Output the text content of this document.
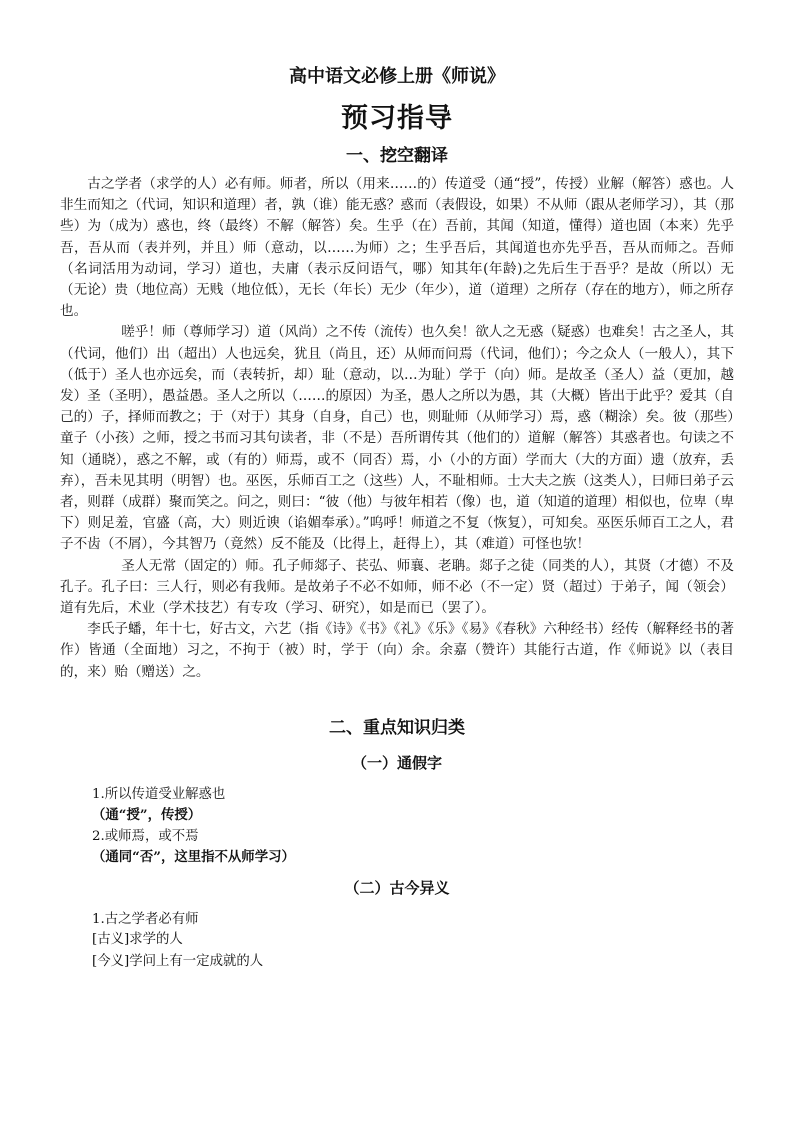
高中语文必修上册《师说》
预习指导
一、挖空翻译

古之学者（求学的人）必有师。师者，所以（用来……的）传道受（通“授”，传授）业解（解答）惑也。人非生而知之（代词，知识和道理）者，孰（谁）能无惑？惑而（表假设，如果）不从师（跟从老师学习），其（那些）为（成为）惑也，终（最终）不解（解答）矣。生乎（在）吾前，其闻（知道，懂得）道也固（本来）先乎吾，吾从而（表并列，并且）师（意动，以……为师）之；生乎吾后，其闻道也亦先乎吾，吾从而师之。吾师（名词活用为动词，学习）道也，夫庸（表示反问语气，哪）知其年(年龄)之先后生于吾乎？是故（所以）无（无论）贵（地位高）无贱（地位低），无长（年长）无少（年少），道（道理）之所存（存在的地方），师之所存也。

嗟乎！师（尊师学习）道（风尚）之不传（流传）也久矣！欲人之无惑（疑惑）也难矣！古之圣人，其（代词，他们）出（超出）人也远矣，犹且（尚且，还）从师而问焉（代词，他们）；今之众人（一般人），其下（低于）圣人也亦远矣，而（表转折，却）耻（意动，以…为耻）学于（向）师。是故圣（圣人）益（更加，越发）圣（圣明），愚益愚。圣人之所以（……的原因）为圣，愚人之所以为愚，其（大概）皆出于此乎？爱其（自己的）子，择师而教之；于（对于）其身（自身，自己）也，则耻师（从师学习）焉，惑（糊涂）矣。彼（那些）童子（小孩）之师，授之书而习其句读者，非（不是）吾所谓传其（他们的）道解（解答）其惑者也。句读之不知（通晓），惑之不解，或（有的）师焉，或不（同否）焉，小（小的方面）学而大（大的方面）遗（放弃，丢弃），吾未见其明（明智）也。巫医，乐师百工之（这些）人，不耻相师。士大夫之族（这类人），曰师曰弟子云者，则群（成群）聚而笑之。问之，则曰：“彼（他）与彼年相若（像）也，道（知道的道理）相似也，位卑（卑下）则足羞，官盛（高，大）则近谀（谄媚奉承）。”呜呼！师道之不复（恢复），可知矣。巫医乐师百工之人，君子不齿（不屑），今其智乃（竟然）反不能及（比得上，赶得上），其（难道）可怪也欤！

圣人无常（固定的）师。孔子师郯子、苌弘、师襄、老聃。郯子之徒（同类的人），其贤（才德）不及孔子。孔子曰：三人行，则必有我师。是故弟子不必不如师，师不必（不一定）贤（超过）于弟子，闻（领会）道有先后，术业（学术技艺）有专攻（学习、研究），如是而已（罢了）。

李氏子蟠，年十七，好古文，六艺（指《诗》《书》《礼》《乐》《易》《春秋》六种经书）经传（解释经书的著作）皆通（全面地）习之，不拘于（被）时，学于（向）余。余嘉（赞许）其能行古道，作《师说》以（表目的，来）贻（赠送）之。

二、重点知识归类
（一）通假字

1.所以传道受业解惑也

（通“授”，传授）

2.或师焉，或不焉

（通同“否”，这里指不从师学习）

（二）古今异义

1.古之学者必有师

[古义]求学的人

[今义]学问上有一定成就的人
